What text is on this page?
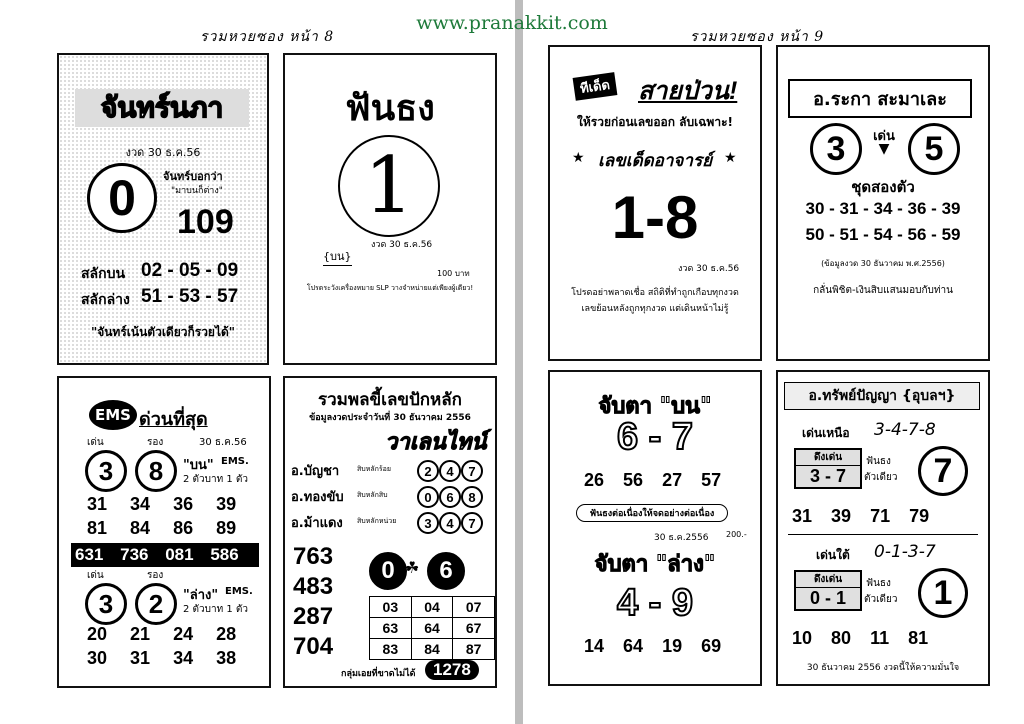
รวมหวยซอง หน้า 8	รวมหวยซอง หน้า 9
www.pranakkit.com
จันทร์นภา
งวด 30 ธ.ค.56
0	จันทร์บอกว่า
"มาบนก็ต่าง"
109
สลักบน 02 - 05 - 09
สลักล่าง 51 - 53 - 57
"จันทร์เน้นตัวเดียวก็รวยได้"
ฟันธง
1
{บน}
งวด 30 ธ.ค.56
100 บาท
โปรดระวังเครื่องหมาย SLP วางจำหน่ายแต่เพียงผู้เดียว!
ทีเด็ด สายป่วน!
ให้รวยก่อนเลขออก ลับเฉพาะ!
★ เลขเด็ดอาจารย์ ★
1-8
งวด 30 ธ.ค.56
โปรดอย่าพลาดเชื่อ สถิติที่ทำถูกเกือบทุกงวด
เลขย้อนหลังถูกทุกงวด แต่เดินหน้าไม่รู้
อ.ระกา สะมาเละ
3	เด่น
▼	5
ชุดสองตัว
30 - 31 - 34 - 36 - 39
50 - 51 - 54 - 56 - 59
(ข้อมูลงวด 30 ธันวาคม พ.ศ.2556)
กลั่นพิชิต-เงินสิบแสนมอบกับท่าน
EMS ด่วนที่สุด
เด่น	รอง	30 ธ.ค.56
3	8	"บน" EMS.
2 ตัวบาท 1 ตัว
31 34 36 39
81 84 86 89
631 736 081 586
เด่น	รอง
3	2	"ล่าง" EMS.
2 ตัวบาท 1 ตัว
20 21 24 28
30 31 34 38
รวมพลขี้เลขปักหลัก
ข้อมูลงวดประจำวันที่ 30 ธันวาคม 2556
วาเลนไทน์
อ.บัญชา	สิบหลักร้อย	2	4	7
อ.ทองขับ สิบหลักสิบ	0	6	8
อ.ม้าแดง สิบหลักหน่วย	3	4	7
763
483
287
704
0 ☘ 6
03	04	07
63	64	67
83	84	87
กลุ่มเอยที่ขาดไม่ได้	1278
จับตา "บน"
6 - 7
26 56 27 57
ฟันธงต่อเนื่องให้จดอย่างต่อเนื่อง
30 ธ.ค.2556 200.-
จับตา "ล่าง"
4 - 9
14 64 19 69
อ.ทรัพย์ปัญญา {อุบลฯ}
เด่นเหนือ 3-4-7-8
ดึงเด่น
3 - 7
ฟันธง
ตัวเดียว	7
31 39 71 79
เด่นใต้ 0-1-3-7
ดึงเด่น
0 - 1
ฟันธง
ตัวเดียว	1
10 80 11 81
30 ธันวาคม 2556 งวดนี้ให้ความมั่นใจ
